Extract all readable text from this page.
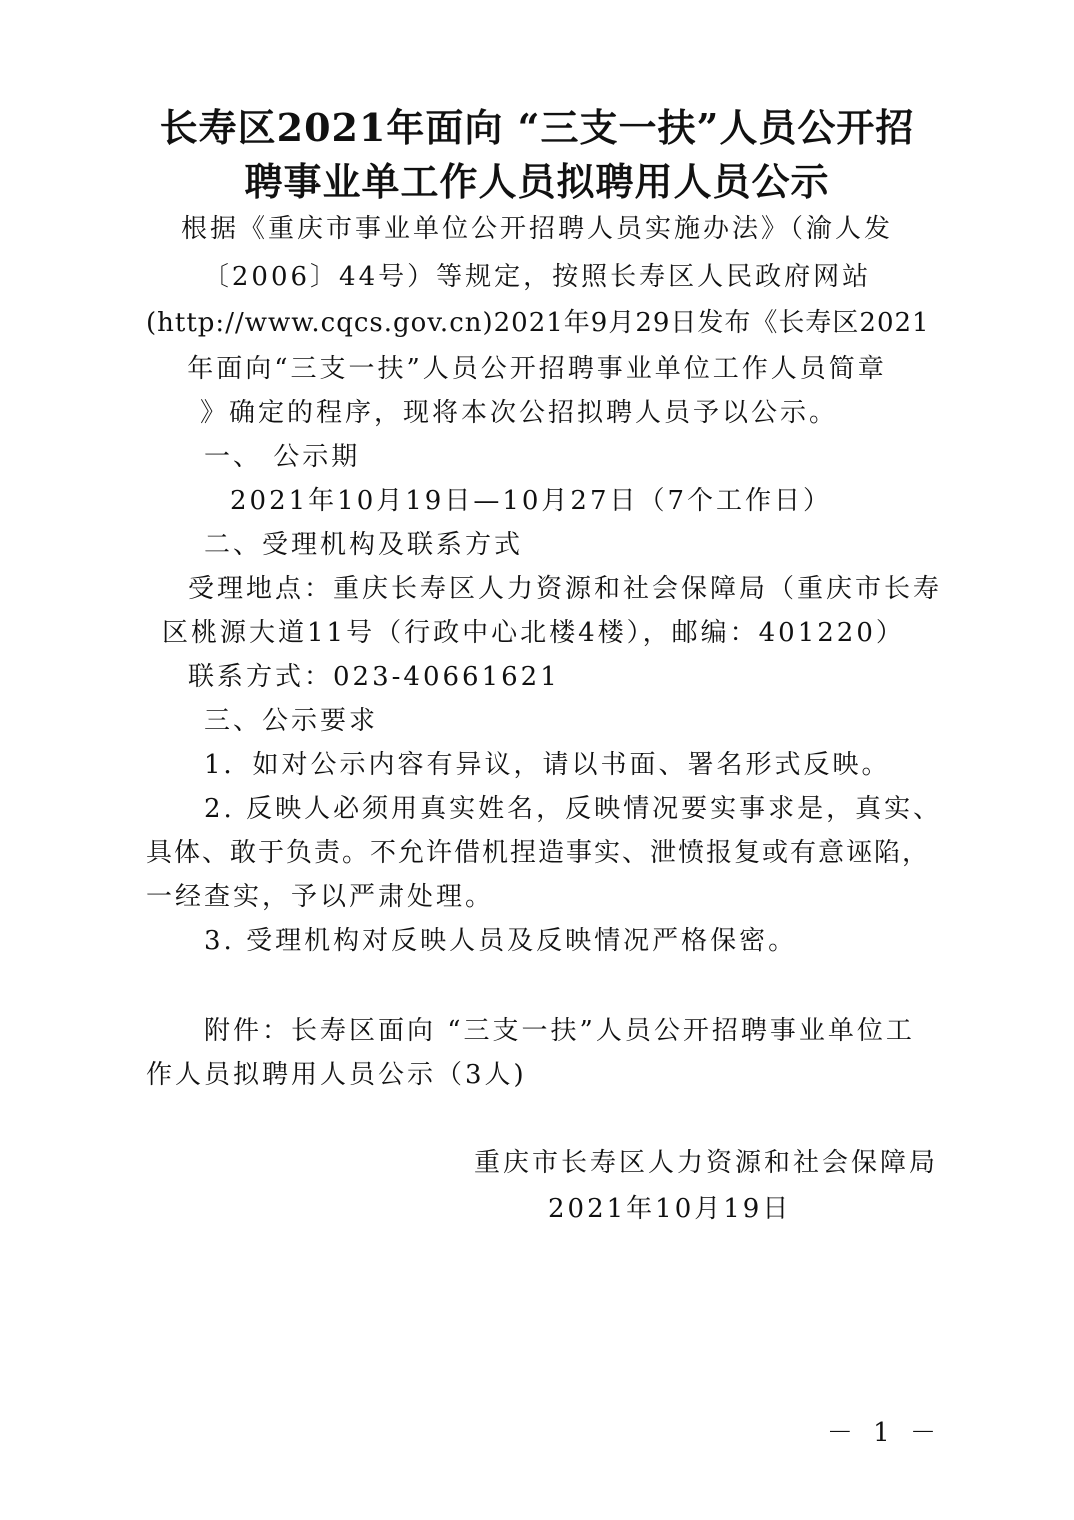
长寿区2021年面向 “三支一扶”人员公开招
聘事业单工作人员拟聘用人员公示
根据《重庆市事业单位公开招聘人员实施办法》（渝人发
〔2006〕44号）等规定，按照长寿区人民政府网站
(http://www.cqcs.gov.cn)2021年9月29日发布《长寿区2021
年面向“三支一扶”人员公开招聘事业单位工作人员简章
》确定的程序，现将本次公招拟聘人员予以公示。
一、 公示期
2021年10月19日—10月27日（7个工作日）
二、受理机构及联系方式
受理地点：重庆长寿区人力资源和社会保障局（重庆市长寿
区桃源大道11号（行政中心北楼4楼），邮编：401220）
联系方式：023-40661621
三、公示要求
1．如对公示内容有异议，请以书面、署名形式反映。
2. 反映人必须用真实姓名，反映情况要实事求是，真实、
具体、敢于负责。不允许借机捏造事实、泄愤报复或有意诬陷，
一经查实，予以严肃处理。
3. 受理机构对反映人员及反映情况严格保密。
附件：长寿区面向 “三支一扶”人员公开招聘事业单位工
作人员拟聘用人员公示（3人)
重庆市长寿区人力资源和社会保障局
2021年10月19日
－ 1 －
